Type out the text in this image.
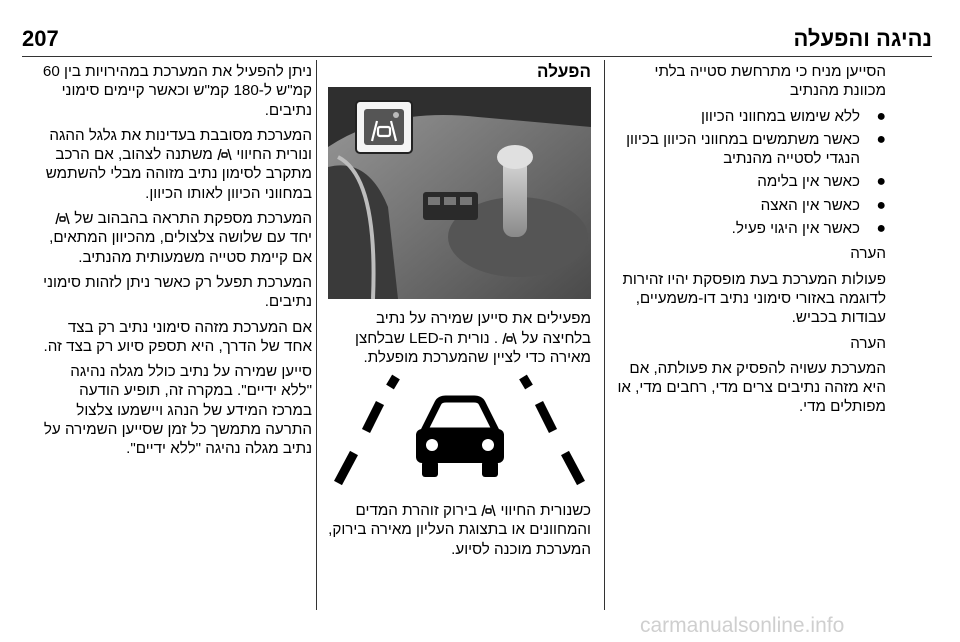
207	נהיגה והפעלה

הסייען מניח כי מתרחשת סטייה בלתי מכוונת מהנתיב

●
ללא שימוש במחווני הכיוון
●
כאשר משתמשים במחווני הכיוון בכיוון הנגדי לסטייה מהנתיב
●
כאשר אין בלימה
●
כאשר אין האצה
●
כאשר אין היגוי פעיל.

הערה

פעולות המערכת בעת מופסקת יהיו זהירות לדוגמה באזורי סימוני נתיב דו-משמעיים, עבודות בכביש.

הערה

המערכת עשויה להפסיק את פעולתה, אם היא מזהה נתיבים צרים מדי, רחבים מדי, או מפותלים מדי.

הפעלה

מפעילים את סייען שמירה על נתיב בלחיצה על  . נורית ה-LED שבלחצן מאירה כדי לציין שהמערכת מופעלת.

כשנורית החיווי  בירוק זוהרת המדים והמחוונים או בתצוגת העליון מאירה בירוק, המערכת מוכנה לסיוע.

ניתן להפעיל את המערכת במהירויות בין 60 קמ"ש ל-180 קמ"ש וכאשר קיימים סימוני נתיבים.

המערכת מסובבת בעדינות את גלגל ההגה ונורית החיווי  משתנה לצהוב, אם הרכב מתקרב לסימון נתיב מזוהה מבלי להשתמש במחווני הכיוון לאותו הכיוון.

המערכת מספקת התראה בהבהוב של  יחד עם שלושה צלצולים, מהכיוון המתאים, אם קיימת סטייה משמעותית מהנתיב.

המערכת תפעל רק כאשר ניתן לזהות סימוני נתיבים.

אם המערכת מזהה סימוני נתיב רק בצד אחד של הדרך, היא תספק סיוע רק בצד זה.

סייען שמירה על נתיב כולל מגלה נהיגה "ללא ידיים". במקרה זה, תופיע הודעה במרכז המידע של הנהג ויישמעו צלצול התרעה מתמשך כל זמן שסייען השמירה על נתיב מגלה נהיגה "ללא ידיים".

carmanualsonline.info
